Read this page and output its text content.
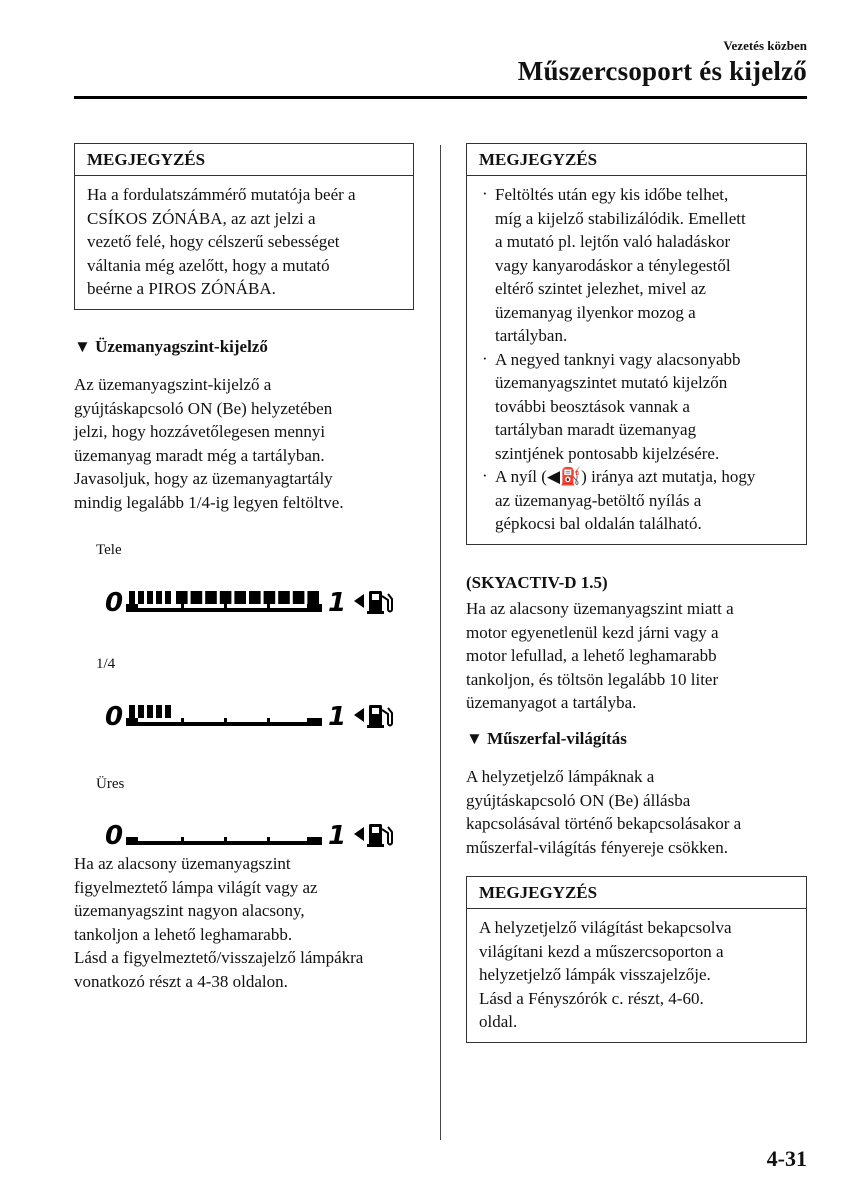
Vezetés közben
Műszercsoport és kijelző
MEGJEGYZÉS
Ha a fordulatszámmérő mutatója beér a
CSÍKOS ZÓNÁBA, az azt jelzi a
vezető felé, hogy célszerű sebességet
váltania még azelőtt, hogy a mutató
beérne a PIROS ZÓNÁBA.
▼ Üzemanyagszint-kijelző
Az üzemanyagszint-kijelző a
gyújtáskapcsoló ON (Be) helyzetében
jelzi, hogy hozzávetőlegesen mennyi
üzemanyag maradt még a tartályban.
Javasoljuk, hogy az üzemanyagtartály
mindig legalább 1/4-ig legyen feltöltve.
Tele
0	1
1/4
0	1
Üres
0	1
Ha az alacsony üzemanyagszint
figyelmeztető lámpa világít vagy az
üzemanyagszint nagyon alacsony,
tankoljon a lehető leghamarabb.
Lásd a figyelmeztető/visszajelző lámpákra
vonatkozó részt a 4-38 oldalon.
MEGJEGYZÉS
· Feltöltés után egy kis időbe telhet,
míg a kijelző stabilizálódik. Emellett
a mutató pl. lejtőn való haladáskor
vagy kanyarodáskor a ténylegestől
eltérő szintet jelezhet, mivel az
üzemanyag ilyenkor mozog a
tartályban.
· A negyed tanknyi vagy alacsonyabb
üzemanyagszintet mutató kijelzőn
további beosztások vannak a
tartályban maradt üzemanyag
szintjének pontosabb kijelzésére.
· A nyíl (◀⛽) iránya azt mutatja, hogy
az üzemanyag-betöltő nyílás a
gépkocsi bal oldalán található.
(SKYACTIV-D 1.5)
Ha az alacsony üzemanyagszint miatt a
motor egyenetlenül kezd járni vagy a
motor lefullad, a lehető leghamarabb
tankoljon, és töltsön legalább 10 liter
üzemanyagot a tartályba.
▼ Műszerfal-világítás
A helyzetjelző lámpáknak a
gyújtáskapcsoló ON (Be) állásba
kapcsolásával történő bekapcsolásakor a
műszerfal-világítás fényereje csökken.
MEGJEGYZÉS
A helyzetjelző világítást bekapcsolva
világítani kezd a műszercsoporton a
helyzetjelző lámpák visszajelzője.
Lásd a Fényszórók c. részt, 4-60.
oldal.
4-31
